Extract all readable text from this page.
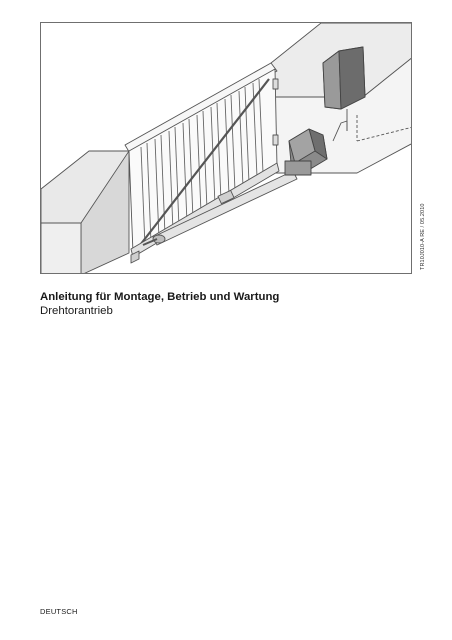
TR10J010-A RE / 05.2010
Anleitung für Montage, Betrieb und Wartung
Drehtorantrieb
DEUTSCH
